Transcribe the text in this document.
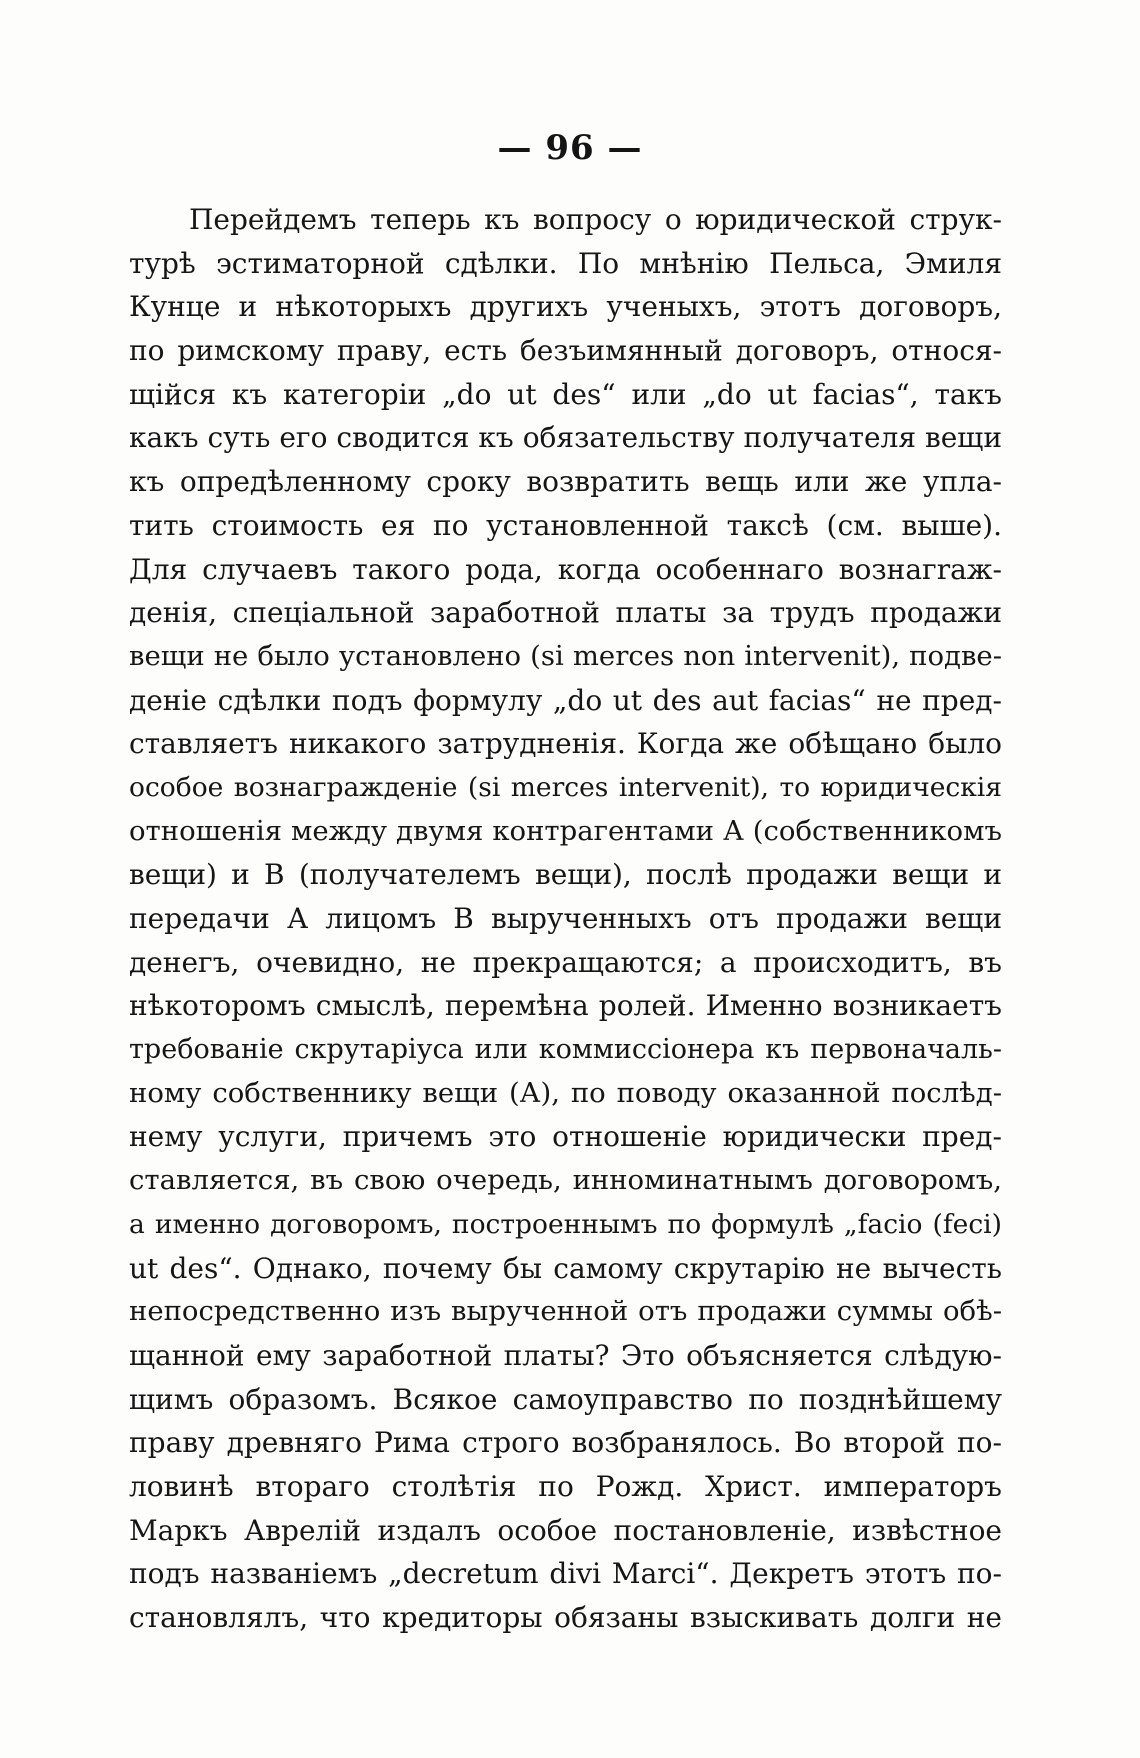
— 96 —
Перейдемъ теперь къ вопросу о юридической струк-
турѣ эстиматорной сдѣлки. По мнѣнію Пельса, Эмиля
Кунце и нѣкоторыхъ другихъ ученыхъ, этотъ договоръ,
по римскому праву, есть безъимянный договоръ, относя-
щійся къ категоріи „do ut des“ или „do ut facias“, такъ
какъ суть его сводится къ обязательству получателя вещи
къ опредѣленному сроку возвратить вещь или же упла-
тить стоимость ея по установленной таксѣ (см. выше).
Для случаевъ такого рода, когда особеннаго вознагraж-
денія, спеціальной заработной платы за трудъ продажи
вещи не было установлено (si merces non intervenit), подве-
деніе сдѣлки подъ формулу „do ut des aut facias“ не пред-
ставляетъ никакого затрудненія. Когда же обѣщано было
особое вознагражденіе (si merces intervenit), то юридическія
отношенія между двумя контрагентами А (собственникомъ
вещи) и В (получателемъ вещи), послѣ продажи вещи и
передачи А лицомъ В вырученныхъ отъ продажи вещи
денегъ, очевидно, не прекращаются; а происходитъ, въ
нѣкоторомъ смыслѣ, перемѣна ролей. Именно возникаетъ
требованіе скрутаріуса или коммиссіонера къ первоначаль-
ному собственнику вещи (А), по поводу оказанной послѣд-
нему услуги, причемъ это отношеніе юридически пред-
ставляется, въ свою очередь, инноминатнымъ договоромъ,
а именно договоромъ, построеннымъ по формулѣ „facio (feci)
ut des“. Однако, почему бы самому скрутарію не вычесть
непосредственно изъ вырученной отъ продажи суммы обѣ-
щанной ему заработной платы? Это объясняется слѣдую-
щимъ образомъ. Всякое самоуправство по позднѣйшему
праву древняго Рима строго возбранялось. Во второй по-
ловинѣ втораго столѣтія по Рожд. Христ. императоръ
Маркъ Аврелій издалъ особое постановленіе, извѣстное
подъ названіемъ „decretum divi Marci“. Декретъ этотъ по-
становлялъ, что кредиторы обязаны взыскивать долги не
